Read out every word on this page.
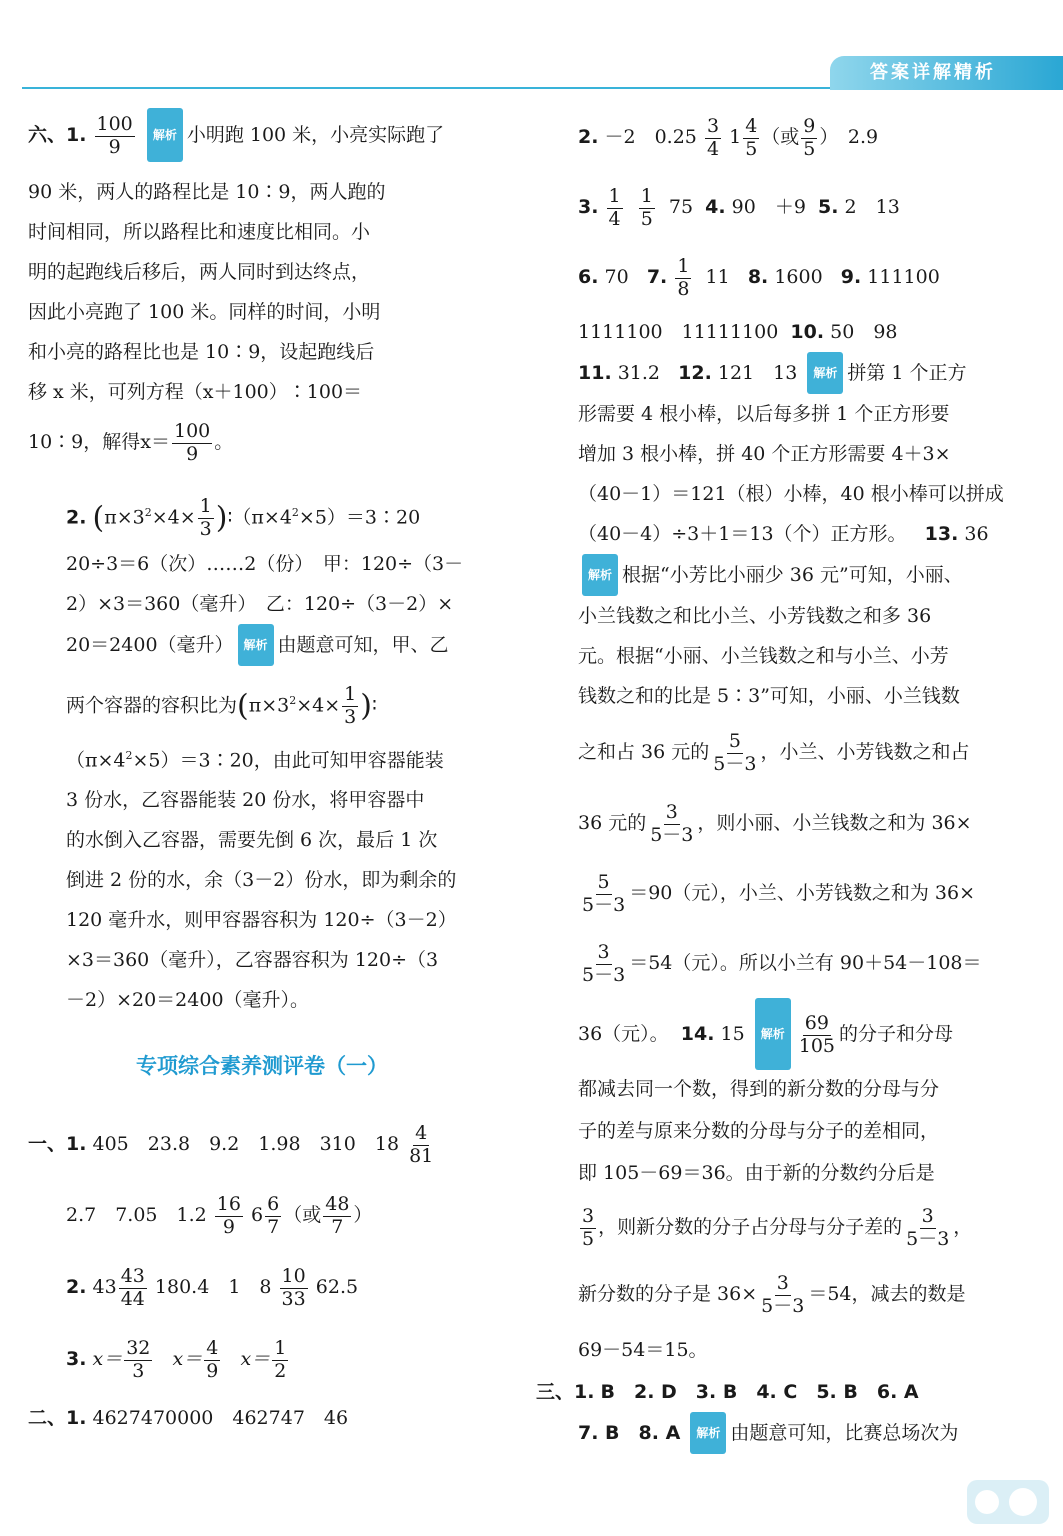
答案详解精析
六、1. $\frac{100}{9}$ 解析 小明跑 100 米，小亮实际跑了
90 米，两人的路程比是 10∶9，两人跑的
时间相同，所以路程比和速度比相同。小
明的起跑线后移后，两人同时到达终点，
因此小亮跑了 100 米。同样的时间，小明
和小亮的路程比也是 10∶9，设起跑线后
移 x 米，可列方程（x＋100）∶100＝
10∶9，解得$x= \frac{100}{9}$ 。
2. ($\pi\times 3^2\times 4\times \frac{1}{3}$ )$∶(\pi\times 4^2\times 5)=3∶20$
20÷3＝6（次）……2（份）　甲：120÷（3－
2）×3＝360（毫升）　乙：120÷（3－2）×
20＝2400（毫升） 解析 由题意可知，甲、乙
两个容器的容积比为($\pi\times 3^2\times 4\times \frac{1}{3}$ )∶
$(\pi\times 4^2\times 5)=3∶20$，由此可知甲容器能装
3 份水，乙容器能装 20 份水，将甲容器中
的水倒入乙容器，需要先倒 6 次，最后 1 次
倒进 2 份的水，余（3－2）份水，即为剩余的
120 毫升水，则甲容器容积为 120÷（3－2）
×3＝360（毫升），乙容器容积为 120÷（3
－2）×20＝2400（毫升）。
专项综合素养测评卷（一）
一、1. 405　23.8　9.2　1.98　310　$18 \frac{4}{81}$
2.7　7.05　$1.2 \frac{16}{9} 6 \frac{6}{7}$ （或 $\frac{48}{7}$ ）
2. $43 \frac{43}{44} 180.4$　1　$8 \frac{10}{33} 62.5$
3. $x= \frac{32}{3} x= \frac{4}{9} x= \frac{1}{2}$
二、1. 4627470000　462747　46
2. －2　$0.25 \frac{3}{4} 1 \frac{4}{5}$ （或 $\frac{9}{5}$ ）　2.9
3. $\frac{1}{4}$
$\frac{1}{5} 75$ 4. 90　＋9 5. 2　13
6. 70 7. $\frac{1}{8} 11$ 8. 1600 9. 111100
1111100　11111100 10. 50　98
11. 31.2 12. 121　13 解析 拼第 1 个正方
形需要 4 根小棒，以后每多拼 1 个正方形要
增加 3 根小棒，拼 40 个正方形需要 4＋3×
（40－1）＝121（根）小棒，40 根小棒可以拼成
（40－4）÷3＋1＝13（个）正方形。 13. 36
解析 根据“小芳比小丽少 36 元”可知，小丽、
小兰钱数之和比小兰、小芳钱数之和多 36
元。根据“小丽、小兰钱数之和与小兰、小芳
钱数之和的比是 5∶3”可知，小丽、小兰钱数
之和占 36 元的 $\frac{5}{5-3}$ ，小兰、小芳钱数之和占
36 元的 $\frac{3}{5-3}$ ，则小丽、小兰钱数之和为 36×
$\frac{5}{5-3} =90$（元），小兰、小芳钱数之和为 36×
$\frac{3}{5-3} =54$（元）。所以小兰有 90＋54－108＝
36（元）。 14. 15 解析 $\frac{69}{105}$ 的分子和分母
都减去同一个数，得到的新分数的分母与分
子的差与原来分数的分母与分子的差相同，
即 105－69＝36。由于新的分数约分后是
$\frac{3}{5}$ ，则新分数的分子占分母与分子差的 $\frac{3}{5-3}$ ，
新分数的分子是 $36\times \frac{3}{5-3} =54$，减去的数是
69－54＝15。
三、1. B　2. D　3. B　4. C　5. B　6. A
7. B　8. A 解析 由题意可知，比赛总场次为
